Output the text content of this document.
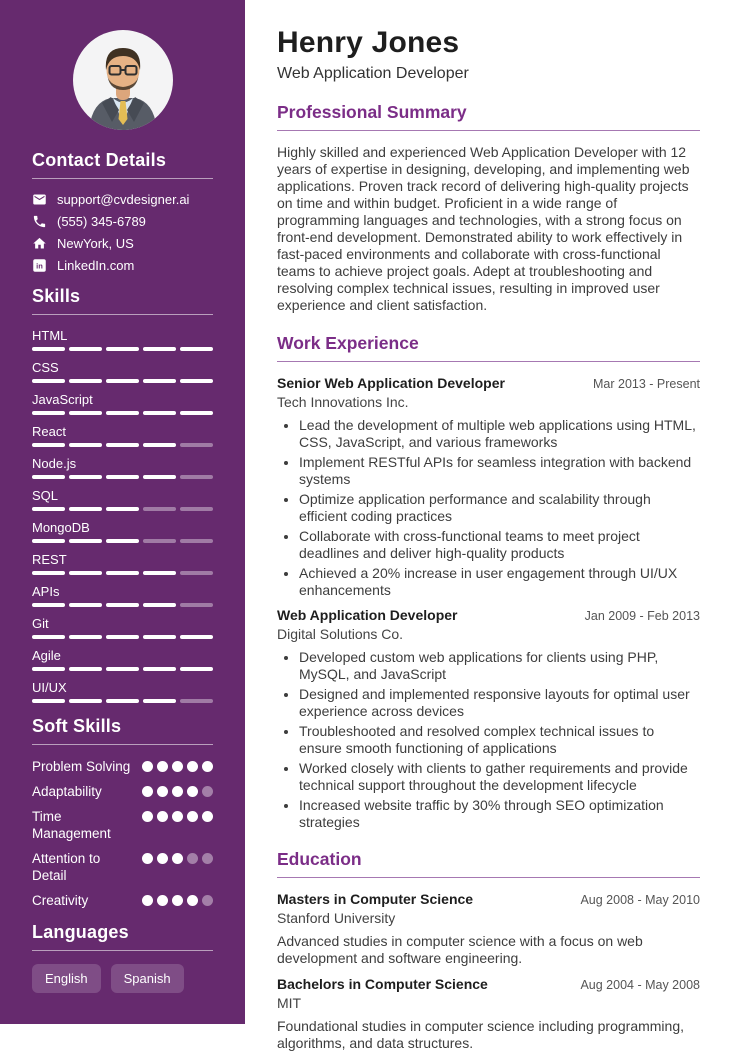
Contact Details
support@cvdesigner.ai
(555) 345-6789
NewYork, US
in LinkedIn.com
Skills
HTML
CSS
JavaScript
React
Node.js
SQL
MongoDB
REST
APIs
Git
Agile
UI/UX
Soft Skills
Problem Solving
Adaptability
Time Management
Attention to Detail
Creativity
Languages
English	Spanish
Henry Jones
Web Application Developer
Professional Summary

Highly skilled and experienced Web Application Developer with 12 years of expertise in designing, developing, and implementing web applications. Proven track record of delivering high-quality projects on time and within budget. Proficient in a wide range of programming languages and technologies, with a strong focus on front-end development. Demonstrated ability to work effectively in fast-paced environments and collaborate with cross-functional teams to achieve project goals. Adept at troubleshooting and resolving complex technical issues, resulting in improved user experience and client satisfaction.

Work Experience
Senior Web Application Developer	Mar 2013 - Present
Tech Innovations Inc.
• Lead the development of multiple web applications using HTML, CSS, JavaScript, and various frameworks
• Implement RESTful APIs for seamless integration with backend systems
• Optimize application performance and scalability through efficient coding practices
• Collaborate with cross-functional teams to meet project deadlines and deliver high-quality products
• Achieved a 20% increase in user engagement through UI/UX enhancements
Web Application Developer	Jan 2009 - Feb 2013
Digital Solutions Co.
• Developed custom web applications for clients using PHP, MySQL, and JavaScript
• Designed and implemented responsive layouts for optimal user experience across devices
• Troubleshooted and resolved complex technical issues to ensure smooth functioning of applications
• Worked closely with clients to gather requirements and provide technical support throughout the development lifecycle
• Increased website traffic by 30% through SEO optimization strategies
Education
Masters in Computer Science	Aug 2008 - May 2010
Stanford University

Advanced studies in computer science with a focus on web development and software engineering.

Bachelors in Computer Science	Aug 2004 - May 2008
MIT

Foundational studies in computer science including programming, algorithms, and data structures.
